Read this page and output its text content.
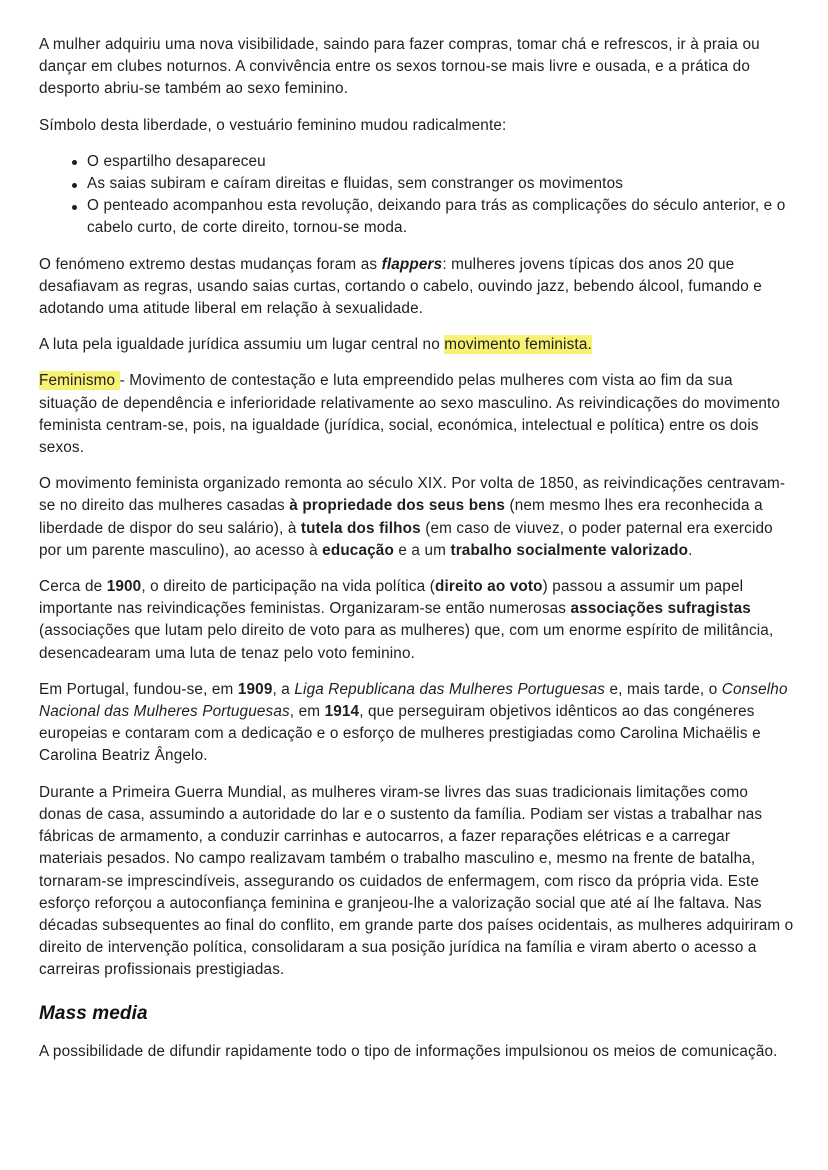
A mulher adquiriu uma nova visibilidade, saindo para fazer compras, tomar chá e refrescos, ir à praia ou dançar em clubes noturnos. A convivência entre os sexos tornou-se mais livre e ousada, e a prática do desporto abriu-se também ao sexo feminino.

Símbolo desta liberdade, o vestuário feminino mudou radicalmente:

O espartilho desapareceu
As saias subiram e caíram direitas e fluidas, sem constranger os movimentos
O penteado acompanhou esta revolução, deixando para trás as complicações do século anterior, e o cabelo curto, de corte direito, tornou-se moda.

O fenómeno extremo destas mudanças foram as flappers: mulheres jovens típicas dos anos 20 que desafiavam as regras, usando saias curtas, cortando o cabelo, ouvindo jazz, bebendo álcool, fumando e adotando uma atitude liberal em relação à sexualidade.

A luta pela igualdade jurídica assumiu um lugar central no movimento feminista.

Feminismo - Movimento de contestação e luta empreendido pelas mulheres com vista ao fim da sua situação de dependência e inferioridade relativamente ao sexo masculino. As reivindicações do movimento feminista centram-se, pois, na igualdade (jurídica, social, económica, intelectual e política) entre os dois sexos.

O movimento feminista organizado remonta ao século XIX. Por volta de 1850, as reivindicações centravam-se no direito das mulheres casadas à propriedade dos seus bens (nem mesmo lhes era reconhecida a liberdade de dispor do seu salário), à tutela dos filhos (em caso de viuvez, o poder paternal era exercido por um parente masculino), ao acesso à educação e a um trabalho socialmente valorizado.

Cerca de 1900, o direito de participação na vida política (direito ao voto) passou a assumir um papel importante nas reivindicações feministas. Organizaram-se então numerosas associações sufragistas (associações que lutam pelo direito de voto para as mulheres) que, com um enorme espírito de militância, desencadearam uma luta de tenaz pelo voto feminino.

Em Portugal, fundou-se, em 1909, a Liga Republicana das Mulheres Portuguesas e, mais tarde, o Conselho Nacional das Mulheres Portuguesas, em 1914, que perseguiram objetivos idênticos ao das congéneres europeias e contaram com a dedicação e o esforço de mulheres prestigiadas como Carolina Michaëlis e Carolina Beatriz Ângelo.

Durante a Primeira Guerra Mundial, as mulheres viram-se livres das suas tradicionais limitações como donas de casa, assumindo a autoridade do lar e o sustento da família. Podiam ser vistas a trabalhar nas fábricas de armamento, a conduzir carrinhas e autocarros, a fazer reparações elétricas e a carregar materiais pesados. No campo realizavam também o trabalho masculino e, mesmo na frente de batalha, tornaram-se imprescindíveis, assegurando os cuidados de enfermagem, com risco da própria vida. Este esforço reforçou a autoconfiança feminina e granjeou-lhe a valorização social que até aí lhe faltava. Nas décadas subsequentes ao final do conflito, em grande parte dos países ocidentais, as mulheres adquiriram o direito de intervenção política, consolidaram a sua posição jurídica na família e viram aberto o acesso a carreiras profissionais prestigiadas.

Mass media

A possibilidade de difundir rapidamente todo o tipo de informações impulsionou os meios de comunicação.
